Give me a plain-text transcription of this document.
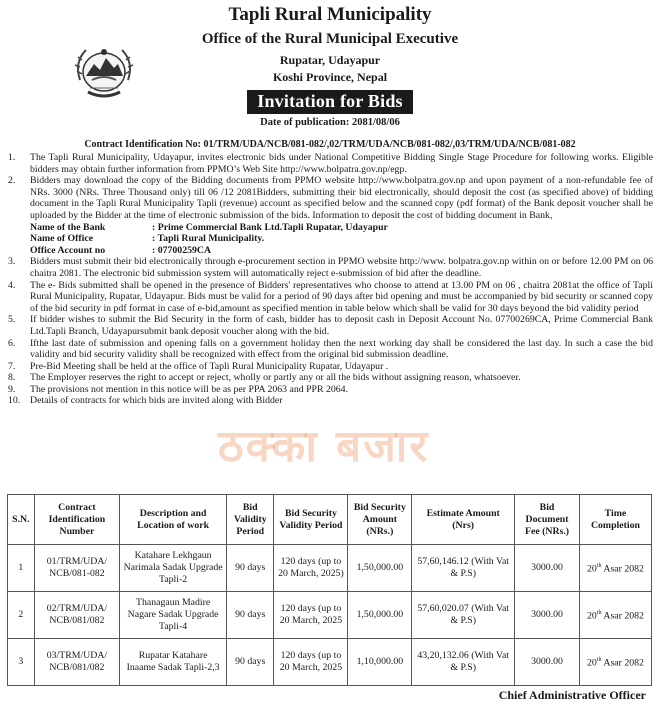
Tapli Rural Municipality
Office of the Rural Municipal Executive
Rupatar, Udayapur
Koshi Province, Nepal
Invitation for Bids
Date of publication: 2081/08/06
Contract Identification No: 01/TRM/UDA/NCB/081-082/,02/TRM/UDA/NCB/081-082/,03/TRM/UDA/NCB/081-082
1.	The Tapli Rural Municipality, Udayapur, invites electronic bids under National Competitive Bidding Single Stage Procedure for following works. Eligible bidders may obtain further information from PPMO’s Web Site http://www.bolpatra.gov.np/egp.
2.	Bidders may download the copy of the Bidding documents from PPMO website http://www.bolpatra.gov.np and upon payment of a non-refundable fee of NRs. 3000 (NRs. Three Thousand only) till 06 /12 2081Bidders, submitting their bid electronically, should deposit the cost (as specified above) of bidding document in the Tapli Rural Municipality Tapli (revenue) account as specified below and the scanned copy (pdf format) of the Bank deposit voucher shall be uploaded by the Bidder at the time of electronic submission of the bids. Information to deposit the cost of bidding document in Bank,
Name of the Bank	: Prime Commercial Bank Ltd.Tapli Rupatar, Udayapur
Name of Office	: Tapli Rural Municipality.
Office Account no	: 07700259CA
3.	Bidders must submit their bid electronically through e-procurement section in PPMO website http://www. bolpatra.gov.np within on or before 12.00 PM on 06 chaitra 2081. The electronic bid submission system will automatically reject e-submission of bid after the deadline.
4.	The e- Bids submitted shall be opened in the presence of Bidders' representatives who choose to attend at 13.00 PM on 06 , chaitra 2081at the office of Tapli Rural Municipality, Rupatar, Udayapur. Bids must be valid for a period of 90 days after bid opening and must be accompanied by bid security or scanned copy of the bid security in pdf format in case of e-bid,amount as specified mention in table below which shall be valid for 30 days beyond the bid validity period
5.	If bidder wishes to submit the Bid Security in the form of cash, bidder has to deposit cash in Deposit Account No. 07700269CA, Prime Commercial Bank Ltd.Tapli Branch, Udayapursubmit bank deposit voucher along with the bid.
6.	Ifthe last date of submission and opening falls on a government holiday then the next working day shall be considered the last day. In such a case the bid validity and bid security validity shall be recognized with effect from the original bid submission deadline.
7.	Pre-Bid Meeting shall be held at the office of Tapli Rural Municipality Rupatar, Udayapur .
8.	The Employer reserves the right to accept or reject, wholly or partly any or all the bids without assigning reason, whatsoever.
9.	The provisions not mention in this notice will be as per PPA 2063 and PPR 2064.
10. Details of contracts for which bids are invited along with Bidder
ठक्का बजार
S.N.	Contract Identification Number	Description and Location of work	Bid Validity Period	Bid Security Validity Period	Bid Security Amount (NRs.)	Estimate Amount (Nrs)	Bid Document Fee (NRs.)	Time Completion
1	01/TRM/UDA/ NCB/081-082	Katahare Lekhgaun Narimala Sadak Upgrade Tapli-2	90 days	120 days (up to 20 March, 2025)	1,50,000.00	57,60,146.12 (With Vat & P.S)	3000.00	20th Asar 2082
2	02/TRM/UDA/ NCB/081/082	Thanagaun Madire Nagare Sadak Upgrade Tapli-4	90 days	120 days (up to 20 March, 2025	1,50,000.00	57,60,020.07 (With Vat & P.S)	3000.00	20th Asar 2082
3	03/TRM/UDA/ NCB/081/082	Rupatar Katahare Inaame Sadak Tapli-2,3	90 days	120 days (up to 20 March, 2025	1,10,000.00	43,20,132.06 (With Vat & P.S)	3000.00	20th Asar 2082
Chief Administrative Officer
